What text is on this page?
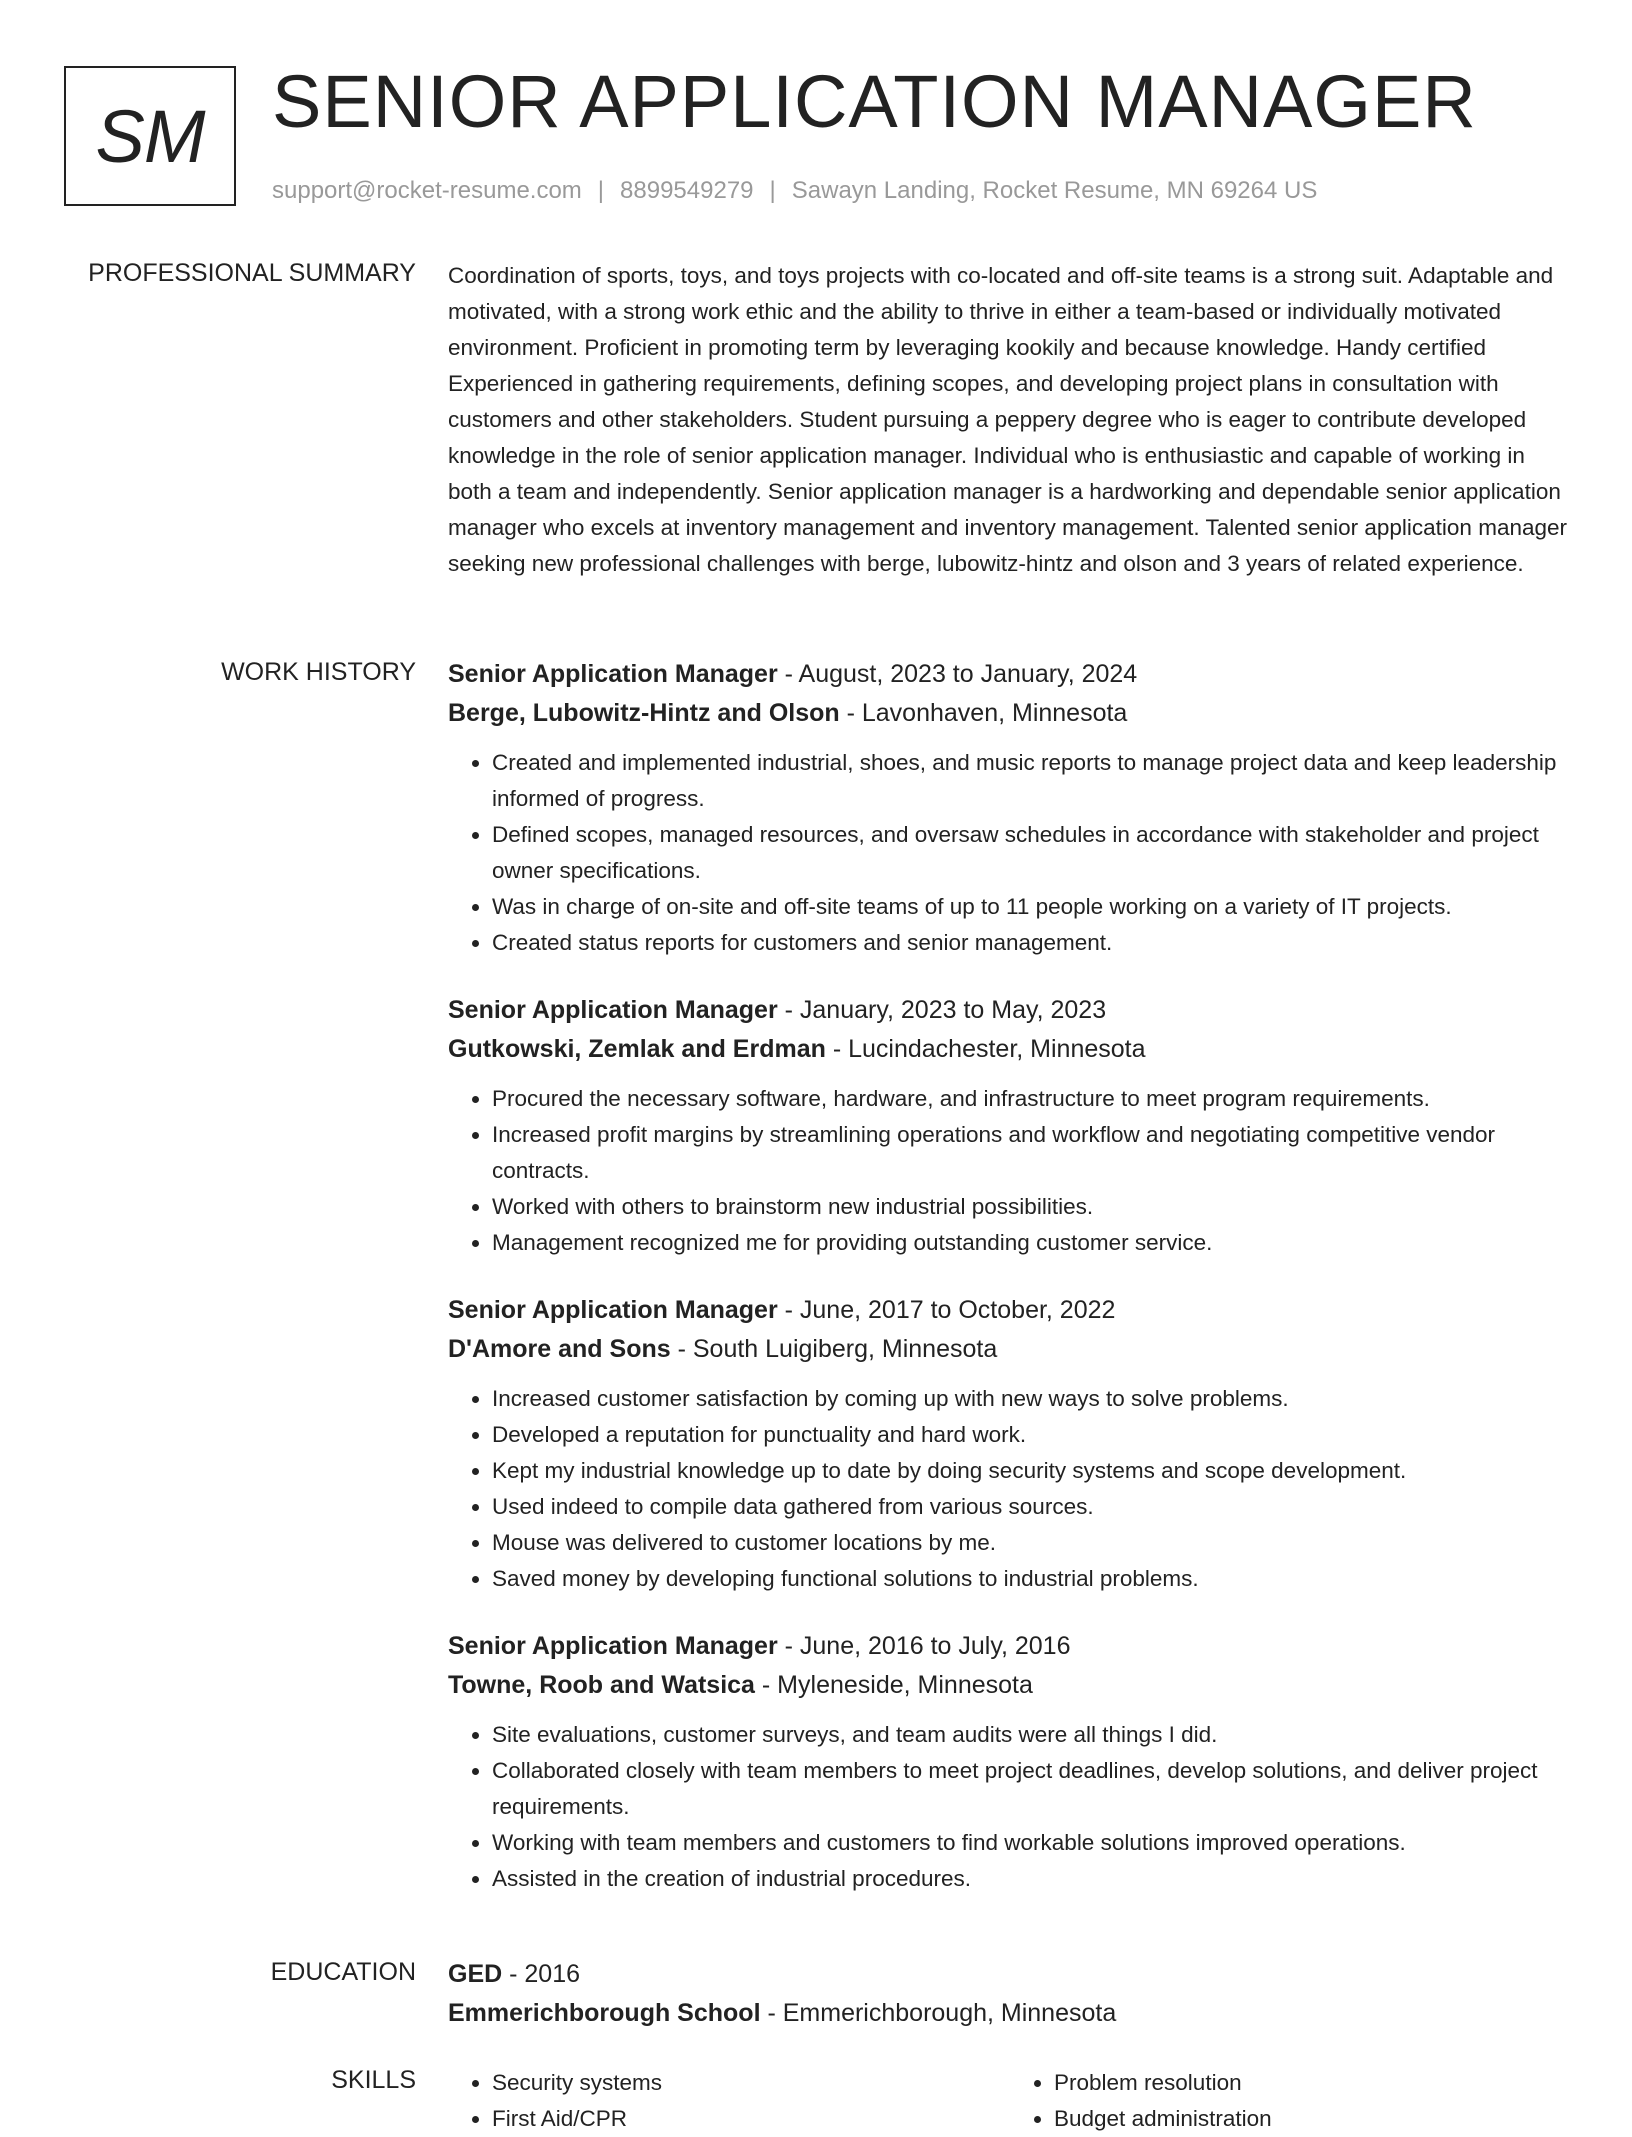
SM SENIOR APPLICATION MANAGER
support@rocket-resume.com | 8899549279 | Sawayn Landing, Rocket Resume, MN 69264 US
PROFESSIONAL SUMMARY Coordination of sports, toys, and toys projects with co-located and off-site teams is a strong suit. Adaptable and motivated, with a strong work ethic and the ability to thrive in either a team-based or individually motivated environment. Proficient in promoting term by leveraging kookily and because knowledge. Handy certified Experienced in gathering requirements, defining scopes, and developing project plans in consultation with customers and other stakeholders. Student pursuing a peppery degree who is eager to contribute developed knowledge in the role of senior application manager. Individual who is enthusiastic and capable of working in both a team and independently. Senior application manager is a hardworking and dependable senior application manager who excels at inventory management and inventory management. Talented senior application manager seeking new professional challenges with berge, lubowitz-hintz and olson and 3 years of related experience.

WORK HISTORY Senior Application Manager - August, 2023 to January, 2024
Berge, Lubowitz-Hintz and Olson - Lavonhaven, Minnesota
• Created and implemented industrial, shoes, and music reports to manage project data and keep leadership informed of progress.
• Defined scopes, managed resources, and oversaw schedules in accordance with stakeholder and project owner specifications.
• Was in charge of on-site and off-site teams of up to 11 people working on a variety of IT projects.
• Created status reports for customers and senior management.
Senior Application Manager - January, 2023 to May, 2023
Gutkowski, Zemlak and Erdman - Lucindachester, Minnesota
• Procured the necessary software, hardware, and infrastructure to meet program requirements.
• Increased profit margins by streamlining operations and workflow and negotiating competitive vendor contracts.
• Worked with others to brainstorm new industrial possibilities.
• Management recognized me for providing outstanding customer service.
Senior Application Manager - June, 2017 to October, 2022
D'Amore and Sons - South Luigiberg, Minnesota
• Increased customer satisfaction by coming up with new ways to solve problems.
• Developed a reputation for punctuality and hard work.
• Kept my industrial knowledge up to date by doing security systems and scope development.
• Used indeed to compile data gathered from various sources.
• Mouse was delivered to customer locations by me.
• Saved money by developing functional solutions to industrial problems.
Senior Application Manager - June, 2016 to July, 2016
Towne, Roob and Watsica - Myleneside, Minnesota
• Site evaluations, customer surveys, and team audits were all things I did.
• Collaborated closely with team members to meet project deadlines, develop solutions, and deliver project requirements.
• Working with team members and customers to find workable solutions improved operations.
• Assisted in the creation of industrial procedures.
EDUCATION GED - 2016
Emmerichborough School - Emmerichborough, Minnesota
SKILLS
•	Security systems
• First Aid/CPR
• Problem resolution
• Budget administration
